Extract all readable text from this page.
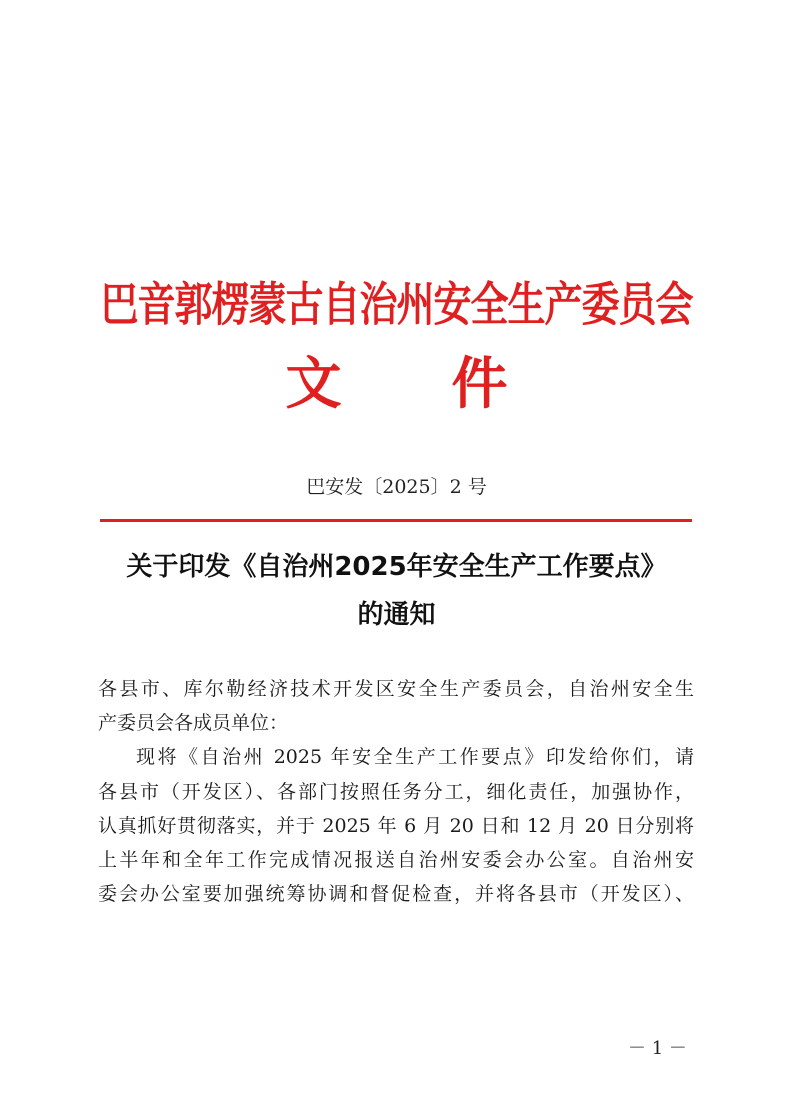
巴音郭楞蒙古自治州安全生产委员会
文件
巴安发〔2025〕2 号
关于印发《自治州2025年安全生产工作要点》
的通知
各县市、库尔勒经济技术开发区安全生产委员会，自治州安全生
产委员会各成员单位：
现将《自治州 2025 年安全生产工作要点》印发给你们，请
各县市（开发区）、各部门按照任务分工，细化责任，加强协作，
认真抓好贯彻落实，并于 2025 年 6 月 20 日和 12 月 20 日分别将
上半年和全年工作完成情况报送自治州安委会办公室。自治州安
委会办公室要加强统筹协调和督促检查，并将各县市（开发区）、
－ 1 －
